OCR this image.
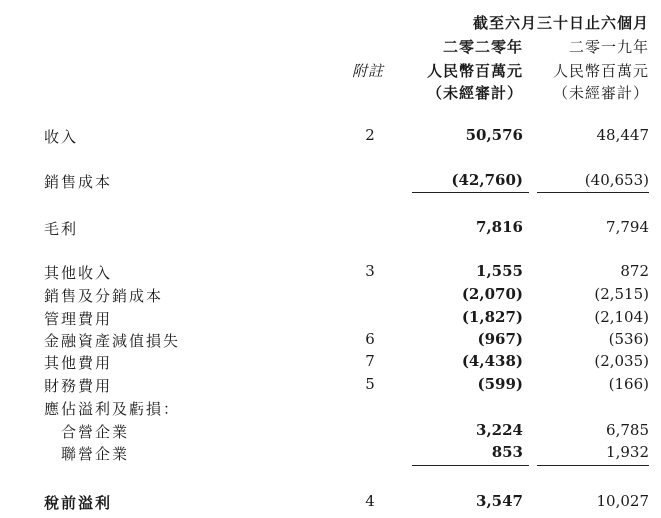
截至六月三十日止六個月
二零二零年	二零一九年
附註	人民幣百萬元 人民幣百萬元
（未經審計） （未經審計）
收入	2	50,576	48,447
銷售成本	(42,760)	(40,653)
毛利	7,816	7,794
其他收入	3	1,555	872
銷售及分銷成本	(2,070)	(2,515)
管理費用	(1,827)	(2,104)
金融資產減值損失	6	(967)	(536)
其他費用	7	(4,438)	(2,035)
財務費用	5	(599)	(166)
應佔溢利及虧損：
合營企業	3,224	6,785
聯營企業	853	1,932
稅前溢利	4	3,547	10,027
